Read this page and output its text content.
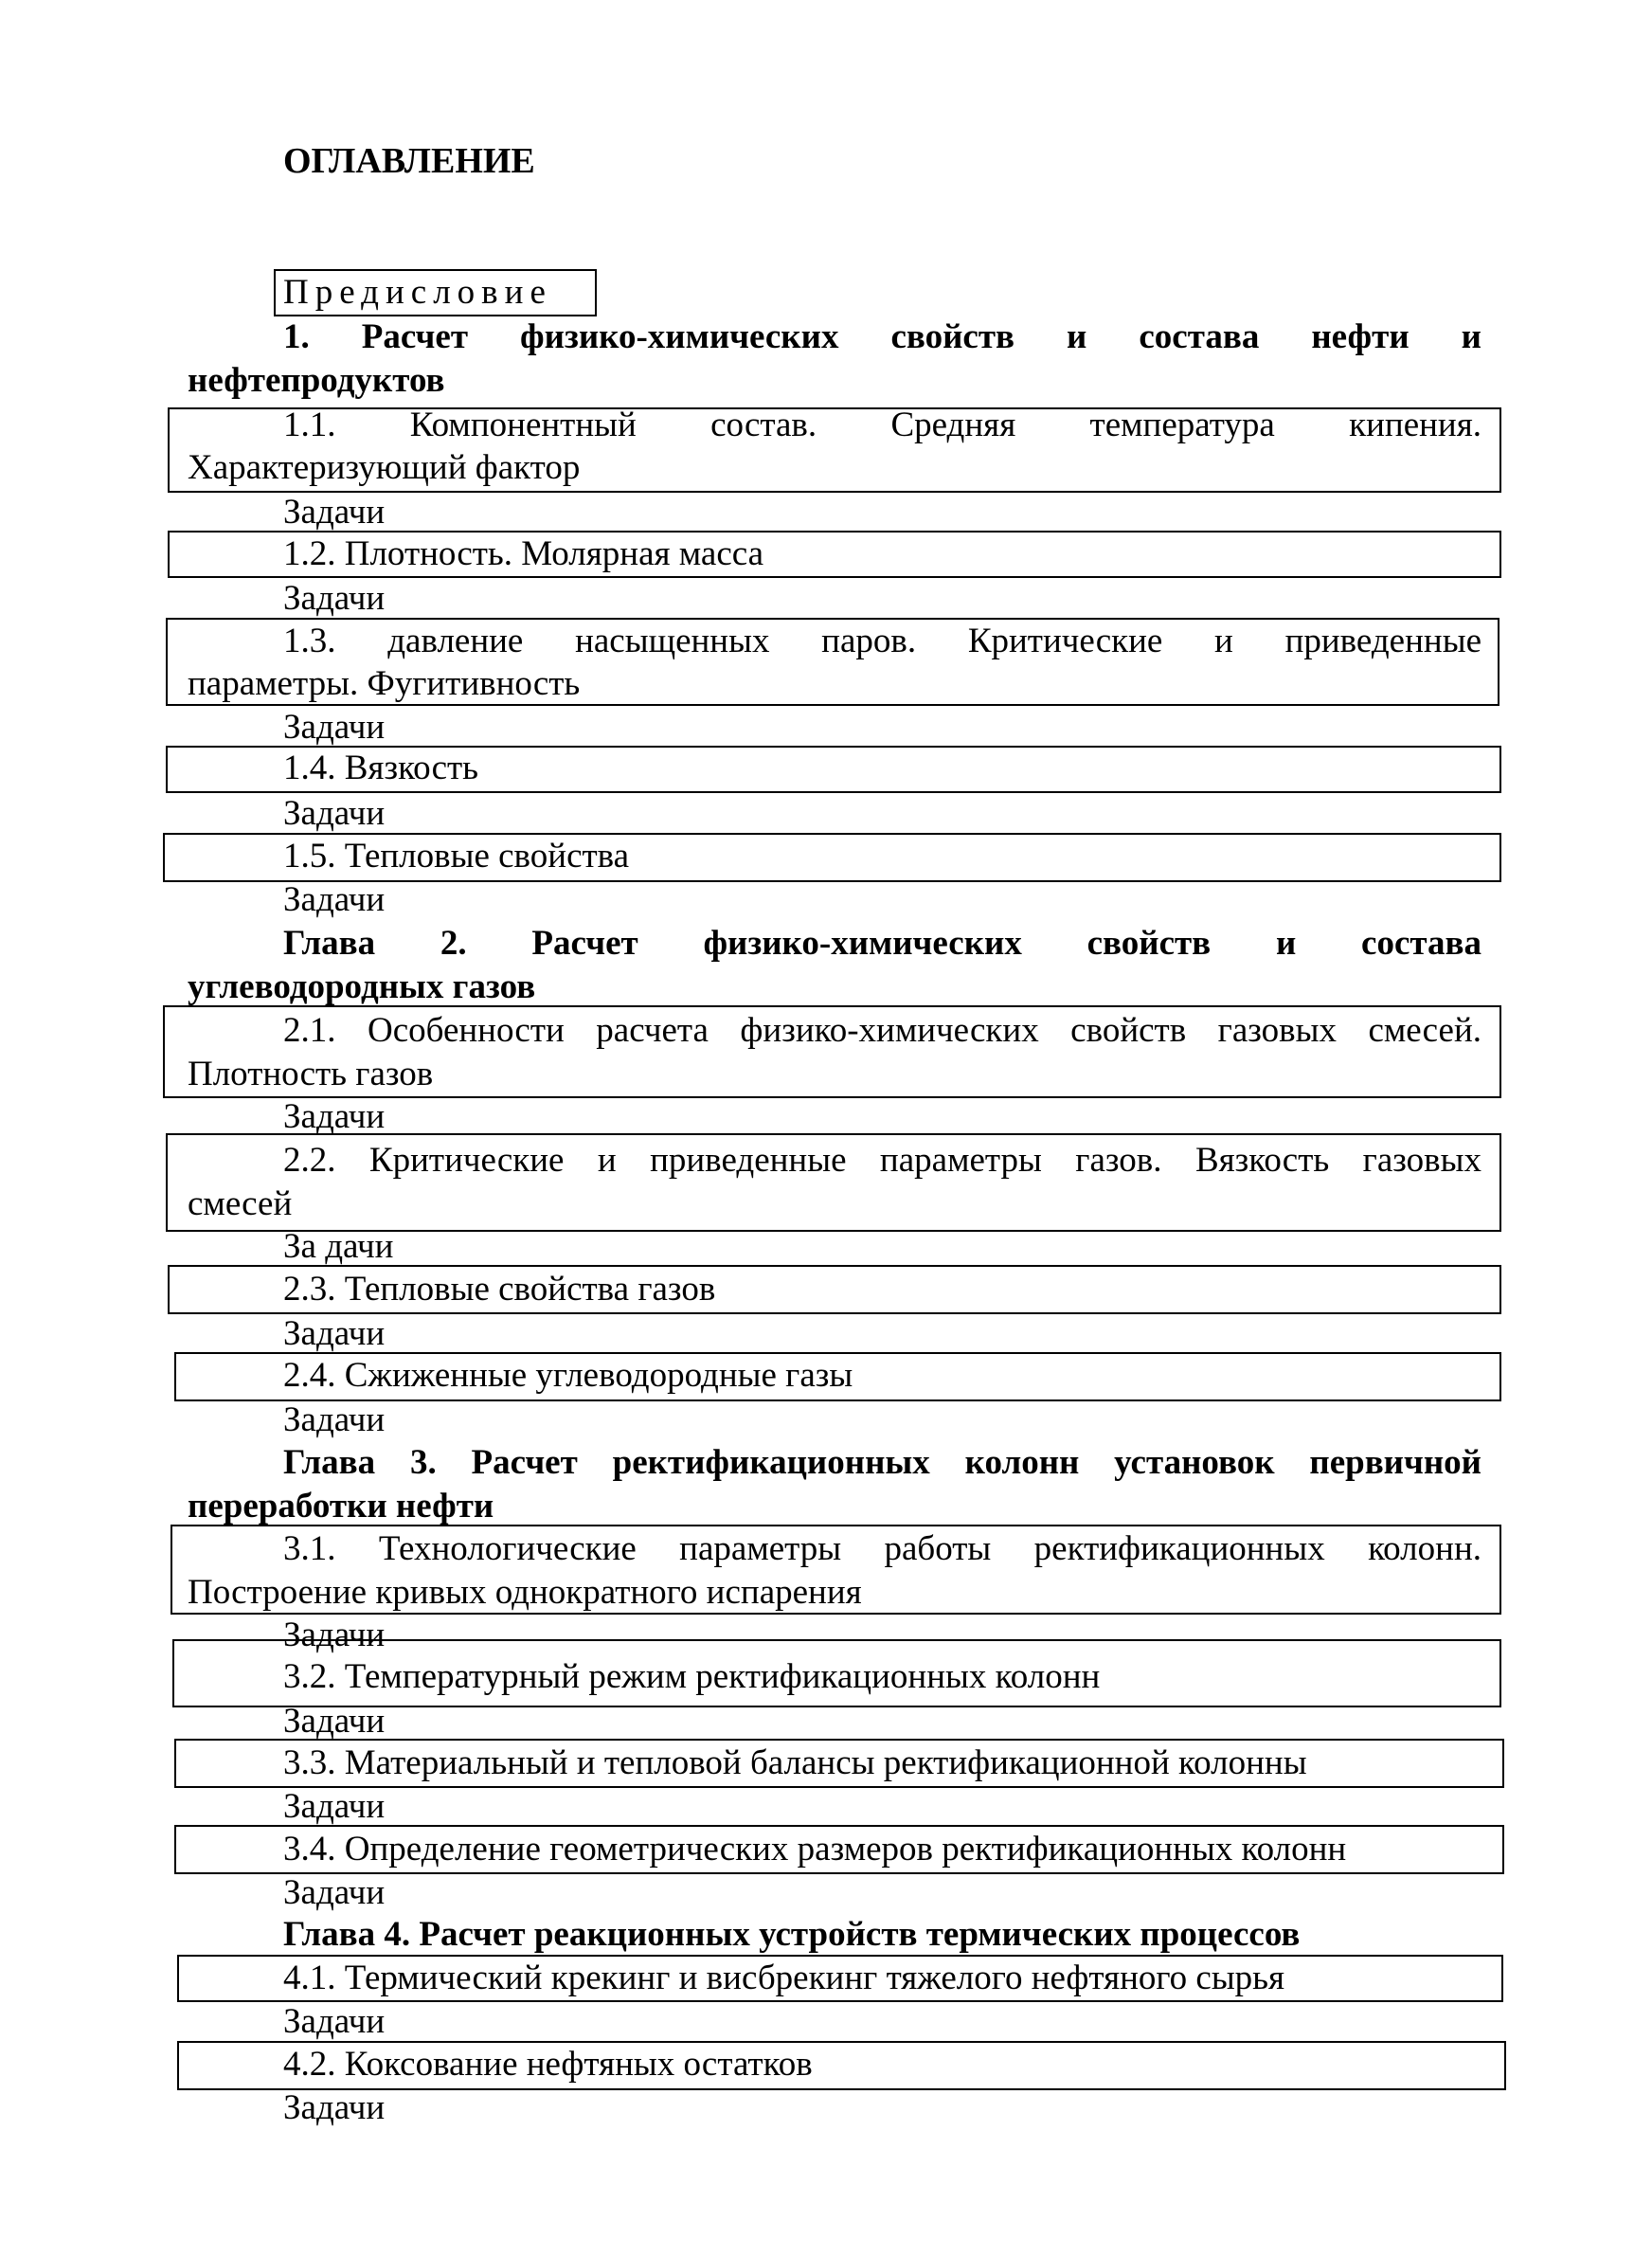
ОГЛАВЛЕНИЕ
Предисловие
1. Расчет физико-химических свойств и состава нефти и
нефтепродуктов
1.1. Компонентный состав. Средняя температура кипения.
Характеризующий фактор
Задачи
1.2. Плотность. Молярная масса
Задачи
1.3. давление насыщенных паров. Критические и приведенные
параметры. Фугитивность
Задачи
1.4. Вязкость
Задачи
1.5. Тепловые свойства
Задачи
Глава 2. Расчет физико-химических свойств и состава
углеводородных газов
2.1. Особенности расчета физико-химических свойств газовых смесей.
Плотность газов
Задачи
2.2. Критические и приведенные параметры газов. Вязкость газовых
смесей
За дачи
2.3. Тепловые свойства газов
Задачи
2.4. Сжиженные углеводородные газы
Задачи
Глава 3. Расчет ректификационных колонн установок первичной
переработки нефти
3.1. Технологические параметры работы ректификационных колонн.
Построение кривых однократного испарения
Задачи
3.2. Температурный режим ректификационных колонн
Задачи
3.3. Материальный и тепловой балансы ректификационной колонны
Задачи
3.4. Определение геометрических размеров ректификационных колонн
Задачи
Глава 4. Расчет реакционных устройств термических процессов
4.1. Термический крекинг и висбрекинг тяжелого нефтяного сырья
Задачи
4.2. Коксование нефтяных остатков
Задачи
